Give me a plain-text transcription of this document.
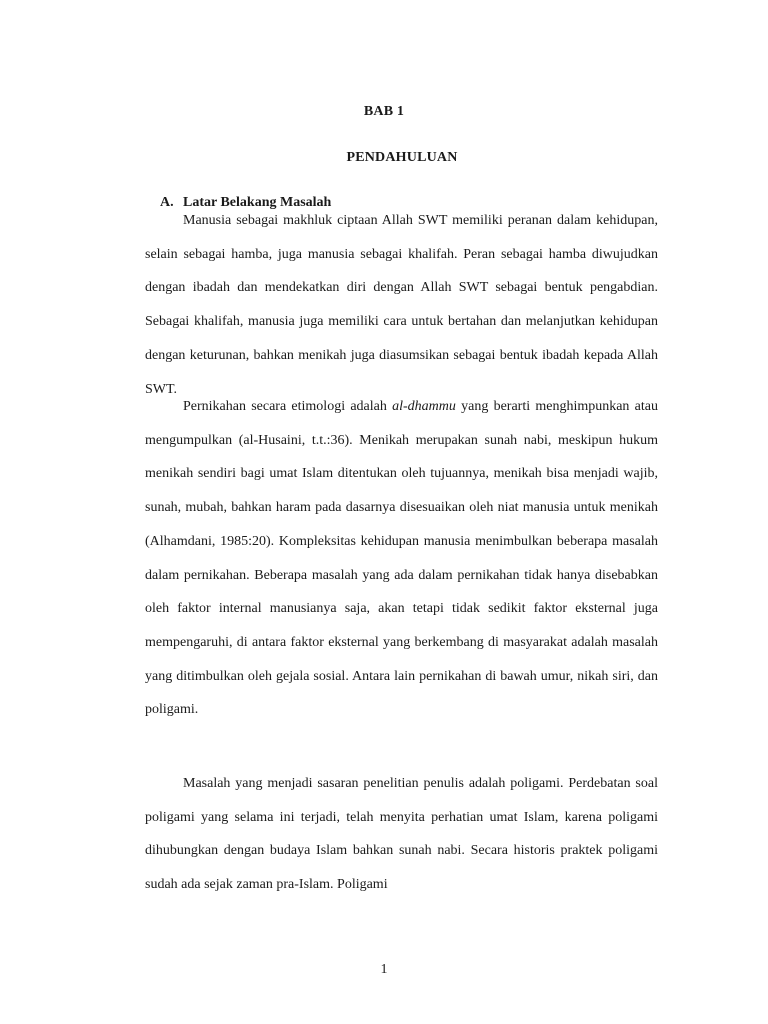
BAB 1
PENDAHULUAN
A. Latar Belakang Masalah

Manusia sebagai makhluk ciptaan Allah SWT memiliki peranan dalam kehidupan, selain sebagai hamba, juga manusia sebagai khalifah. Peran sebagai hamba diwujudkan dengan ibadah dan mendekatkan diri dengan Allah SWT sebagai bentuk pengabdian. Sebagai khalifah, manusia juga memiliki cara untuk bertahan dan melanjutkan kehidupan dengan keturunan, bahkan menikah juga diasumsikan sebagai bentuk ibadah kepada Allah SWT.

Pernikahan secara etimologi adalah al-dhammu yang berarti menghimpunkan atau mengumpulkan (al-Husaini, t.t.:36). Menikah merupakan sunah nabi, meskipun hukum menikah sendiri bagi umat Islam ditentukan oleh tujuannya, menikah bisa menjadi wajib, sunah, mubah, bahkan haram pada dasarnya disesuaikan oleh niat manusia untuk menikah (Alhamdani, 1985:20). Kompleksitas kehidupan manusia menimbulkan beberapa masalah dalam pernikahan. Beberapa masalah yang ada dalam pernikahan tidak hanya disebabkan oleh faktor internal manusianya saja, akan tetapi tidak sedikit faktor eksternal juga mempengaruhi, di antara faktor eksternal yang berkembang di masyarakat adalah masalah yang ditimbulkan oleh gejala sosial. Antara lain pernikahan di bawah umur, nikah siri, dan poligami.

Masalah yang menjadi sasaran penelitian penulis adalah poligami. Perdebatan soal poligami yang selama ini terjadi, telah menyita perhatian umat Islam, karena poligami dihubungkan dengan budaya Islam bahkan sunah nabi. Secara historis praktek poligami sudah ada sejak zaman pra-Islam. Poligami

1
